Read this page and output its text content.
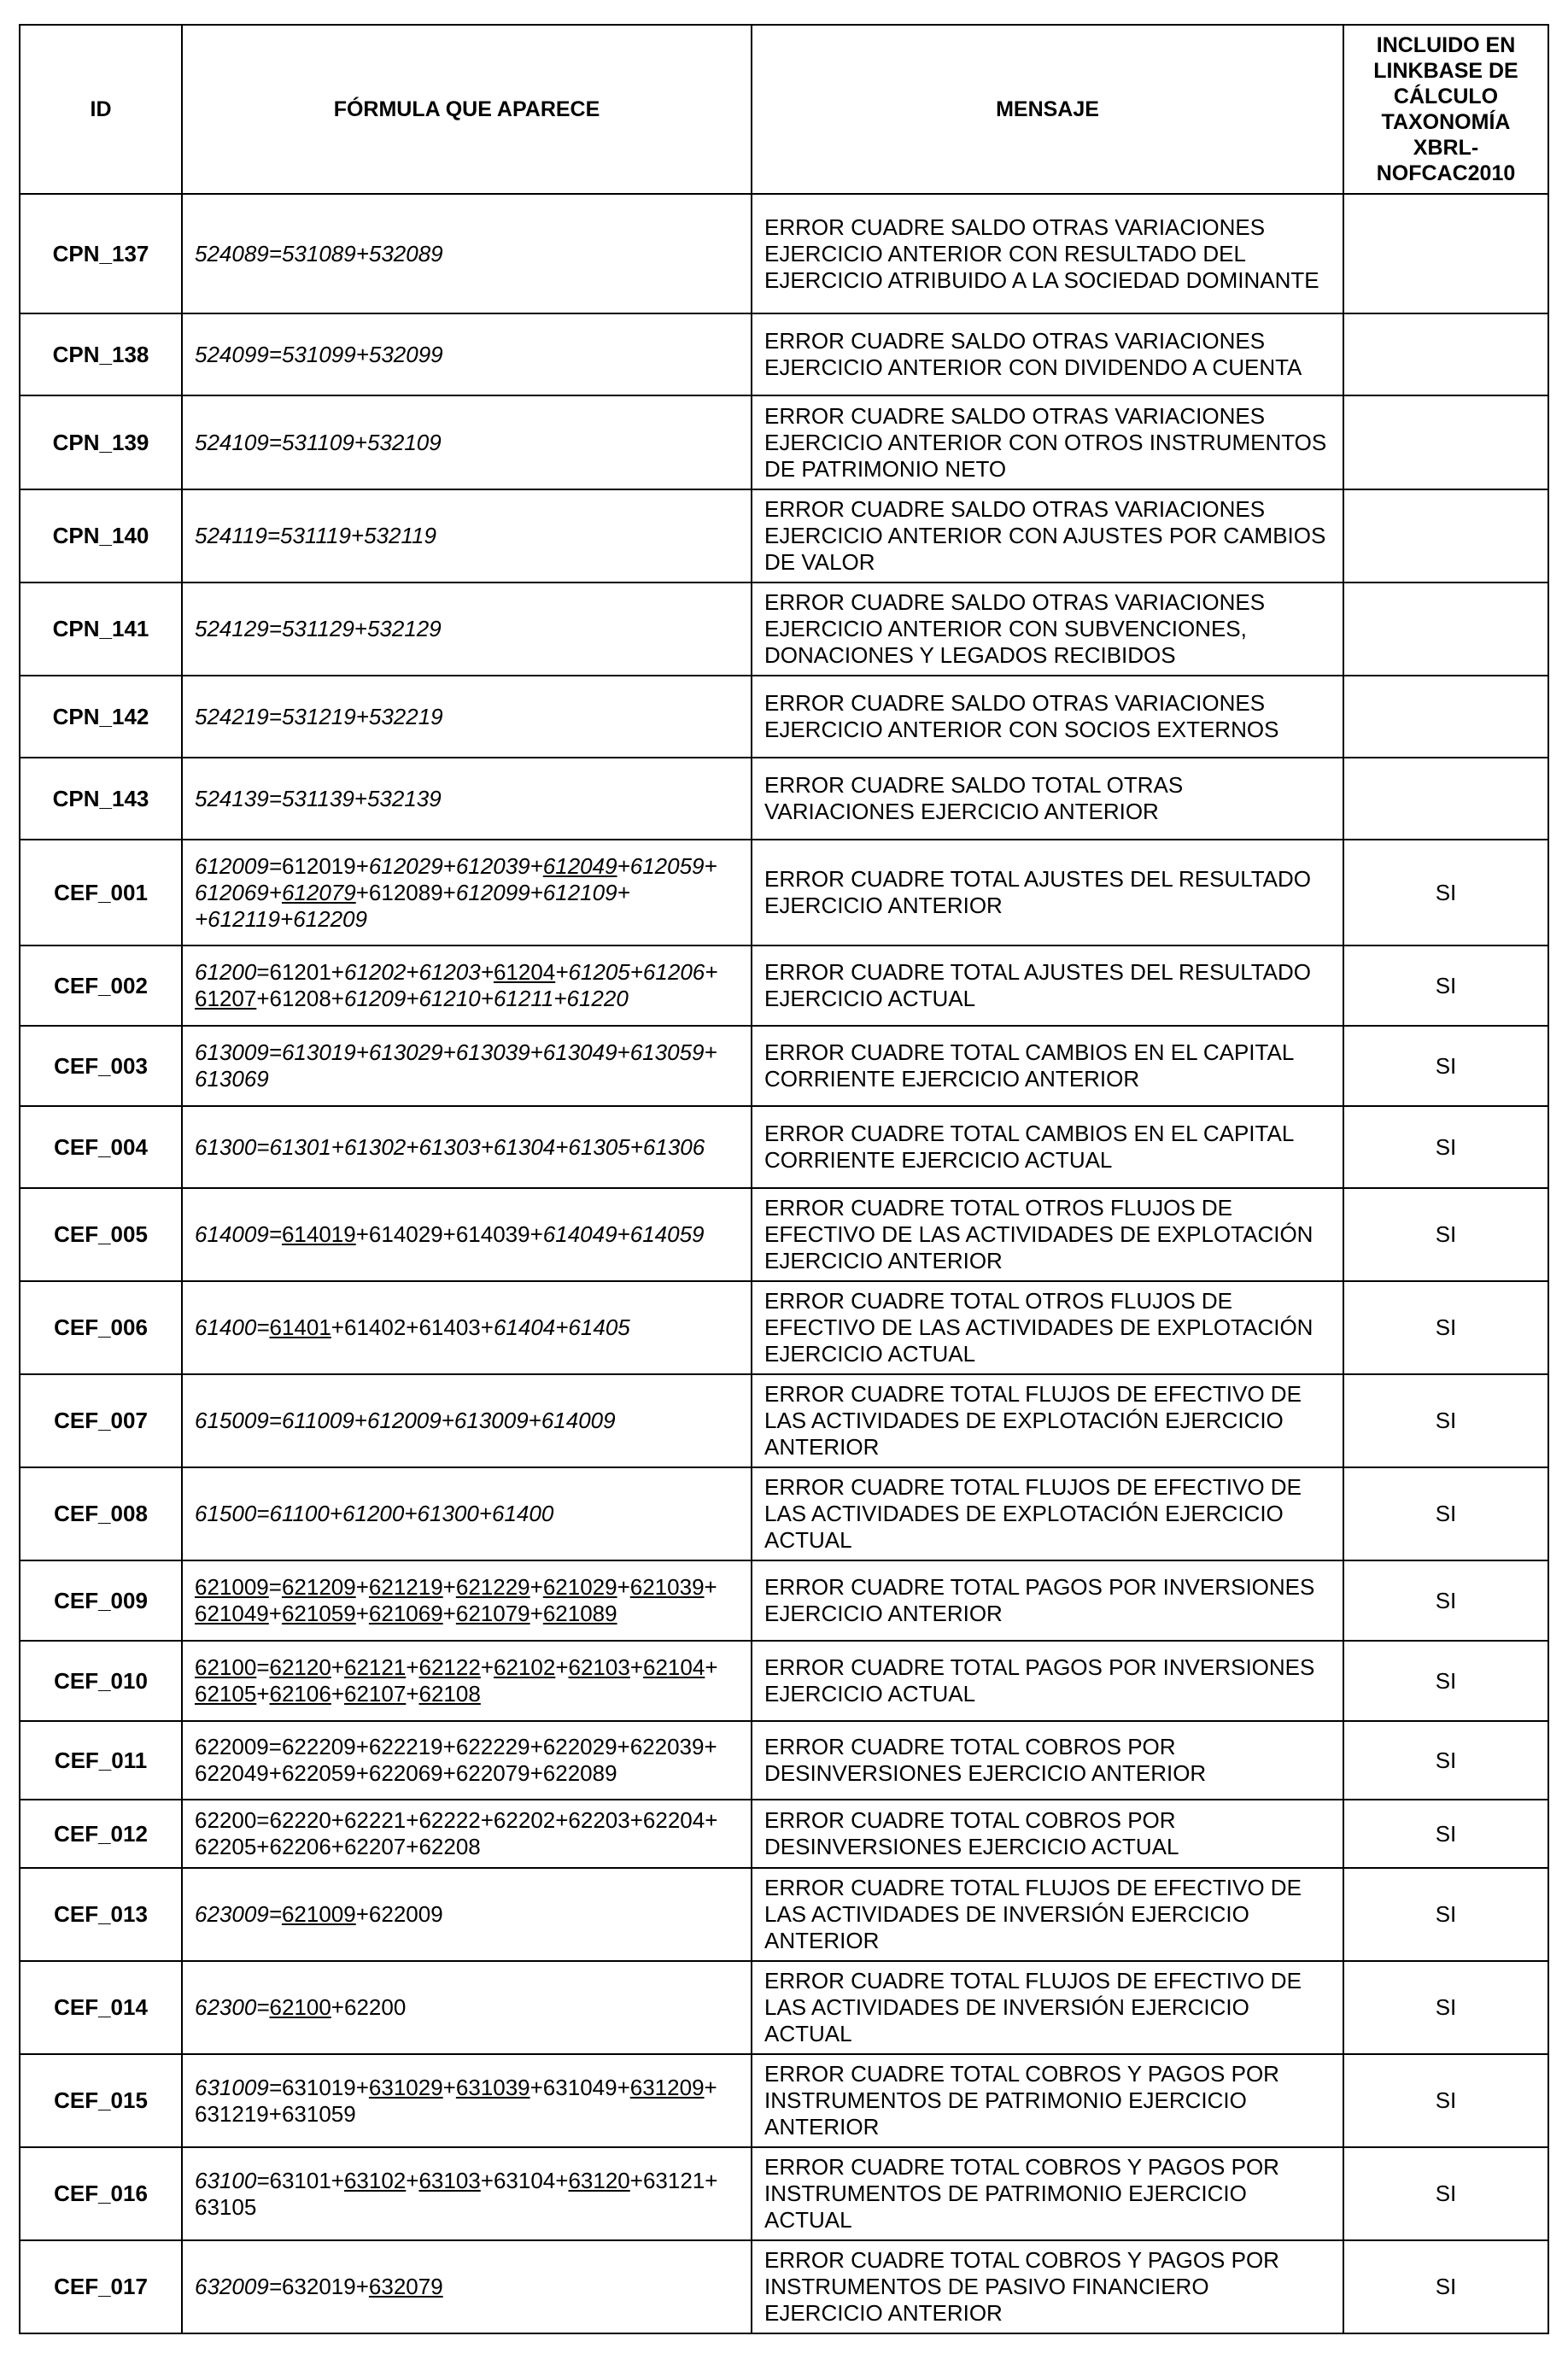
ID	FÓRMULA QUE APARECE	MENSAJE	INCLUIDO EN LINKBASE DE CÁLCULO TAXONOMÍA XBRL-NOFCAC2010
CPN_137	524089=531089+532089	ERROR CUADRE SALDO OTRAS VARIACIONES EJERCICIO ANTERIOR CON RESULTADO DEL EJERCICIO ATRIBUIDO A LA SOCIEDAD DOMINANTE	
CPN_138	524099=531099+532099	ERROR CUADRE SALDO OTRAS VARIACIONES EJERCICIO ANTERIOR CON DIVIDENDO A CUENTA	
CPN_139	524109=531109+532109	ERROR CUADRE SALDO OTRAS VARIACIONES EJERCICIO ANTERIOR CON OTROS INSTRUMENTOS DE PATRIMONIO NETO	
CPN_140	524119=531119+532119	ERROR CUADRE SALDO OTRAS VARIACIONES EJERCICIO ANTERIOR CON AJUSTES POR CAMBIOS DE VALOR	
CPN_141	524129=531129+532129	ERROR CUADRE SALDO OTRAS VARIACIONES EJERCICIO ANTERIOR CON SUBVENCIONES, DONACIONES Y LEGADOS RECIBIDOS	
CPN_142	524219=531219+532219	ERROR CUADRE SALDO OTRAS VARIACIONES EJERCICIO ANTERIOR CON SOCIOS EXTERNOS	
CPN_143	524139=531139+532139	ERROR CUADRE SALDO TOTAL OTRAS VARIACIONES EJERCICIO ANTERIOR	
CEF_001	612009=612019+612029+612039+612049+612059+ 612069+612079+612089+612099+612109+ +612119+612209	ERROR CUADRE TOTAL AJUSTES DEL RESULTADO EJERCICIO ANTERIOR	SI
CEF_002	61200=61201+61202+61203+61204+61205+61206+ 61207+61208+61209+61210+61211+61220	ERROR CUADRE TOTAL AJUSTES DEL RESULTADO EJERCICIO ACTUAL	SI
CEF_003	613009=613019+613029+613039+613049+613059+ 613069	ERROR CUADRE TOTAL CAMBIOS EN EL CAPITAL CORRIENTE EJERCICIO ANTERIOR	SI
CEF_004	61300=61301+61302+61303+61304+61305+61306	ERROR CUADRE TOTAL CAMBIOS EN EL CAPITAL CORRIENTE EJERCICIO ACTUAL	SI
CEF_005	614009=614019+614029+614039+614049+614059	ERROR CUADRE TOTAL OTROS FLUJOS DE EFECTIVO DE LAS ACTIVIDADES DE EXPLOTACIÓN EJERCICIO ANTERIOR	SI
CEF_006	61400=61401+61402+61403+61404+61405	ERROR CUADRE TOTAL OTROS FLUJOS DE EFECTIVO DE LAS ACTIVIDADES DE EXPLOTACIÓN EJERCICIO ACTUAL	SI
CEF_007	615009=611009+612009+613009+614009	ERROR CUADRE TOTAL FLUJOS DE EFECTIVO DE LAS ACTIVIDADES DE EXPLOTACIÓN EJERCICIO ANTERIOR	SI
CEF_008	61500=61100+61200+61300+61400	ERROR CUADRE TOTAL FLUJOS DE EFECTIVO DE LAS ACTIVIDADES DE EXPLOTACIÓN EJERCICIO ACTUAL	SI
CEF_009	621009=621209+621219+621229+621029+621039+ 621049+621059+621069+621079+621089	ERROR CUADRE TOTAL PAGOS POR INVERSIONES EJERCICIO ANTERIOR	SI
CEF_010	62100=62120+62121+62122+62102+62103+62104+ 62105+62106+62107+62108	ERROR CUADRE TOTAL PAGOS POR INVERSIONES EJERCICIO ACTUAL	SI
CEF_011	622009=622209+622219+622229+622029+622039+ 622049+622059+622069+622079+622089	ERROR CUADRE TOTAL COBROS POR DESINVERSIONES EJERCICIO ANTERIOR	SI
CEF_012	62200=62220+62221+62222+62202+62203+62204+ 62205+62206+62207+62208	ERROR CUADRE TOTAL COBROS POR DESINVERSIONES EJERCICIO ACTUAL	SI
CEF_013	623009=621009+622009	ERROR CUADRE TOTAL FLUJOS DE EFECTIVO DE LAS ACTIVIDADES DE INVERSIÓN EJERCICIO ANTERIOR	SI
CEF_014	62300=62100+62200	ERROR CUADRE TOTAL FLUJOS DE EFECTIVO DE LAS ACTIVIDADES DE INVERSIÓN EJERCICIO ACTUAL	SI
CEF_015	631009=631019+631029+631039+631049+631209+ 631219+631059	ERROR CUADRE TOTAL COBROS Y PAGOS POR INSTRUMENTOS DE PATRIMONIO EJERCICIO ANTERIOR	SI
CEF_016	63100=63101+63102+63103+63104+63120+63121+ 63105	ERROR CUADRE TOTAL COBROS Y PAGOS POR INSTRUMENTOS DE PATRIMONIO EJERCICIO ACTUAL	SI
CEF_017	632009=632019+632079	ERROR CUADRE TOTAL COBROS Y PAGOS POR INSTRUMENTOS DE PASIVO FINANCIERO EJERCICIO ANTERIOR	SI
